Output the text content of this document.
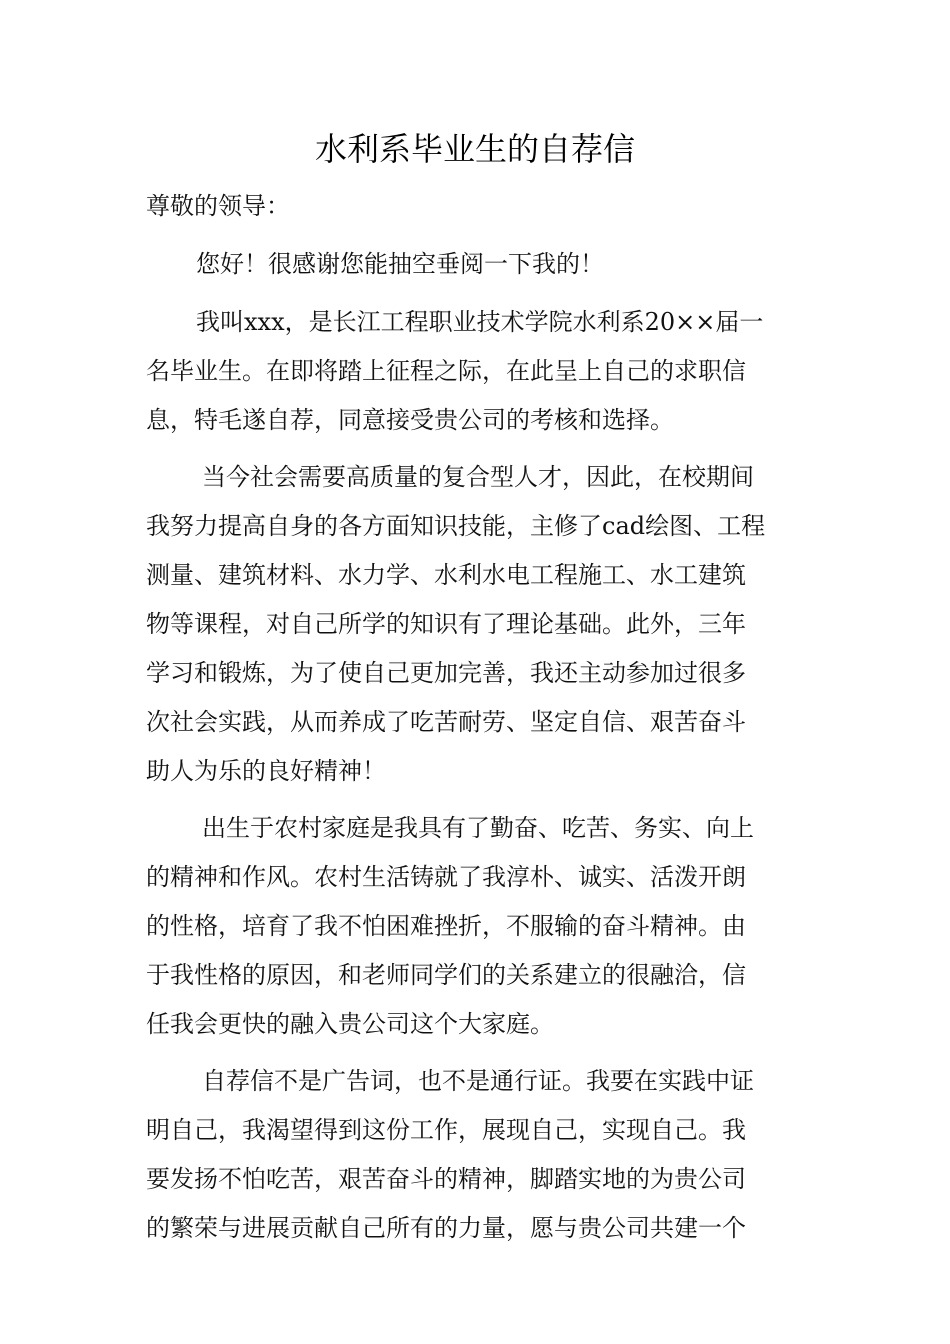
水利系毕业生的自荐信
尊敬的领导：
您好！很感谢您能抽空垂阅一下我的！
我叫xxx，是长江工程职业技术学院水利系20××届一
名毕业生。在即将踏上征程之际，在此呈上自己的求职信
息，特毛遂自荐，同意接受贵公司的考核和选择。
当今社会需要高质量的复合型人才，因此，在校期间
我努力提高自身的各方面知识技能，主修了cad绘图、工程
测量、建筑材料、水力学、水利水电工程施工、水工建筑
物等课程，对自己所学的知识有了理论基础。此外，三年
学习和锻炼，为了使自己更加完善，我还主动参加过很多
次社会实践，从而养成了吃苦耐劳、坚定自信、艰苦奋斗
助人为乐的良好精神！
出生于农村家庭是我具有了勤奋、吃苦、务实、向上
的精神和作风。农村生活铸就了我淳朴、诚实、活泼开朗
的性格，培育了我不怕困难挫折，不服输的奋斗精神。由
于我性格的原因，和老师同学们的关系建立的很融洽，信
任我会更快的融入贵公司这个大家庭。
自荐信不是广告词，也不是通行证。我要在实践中证
明自己，我渴望得到这份工作，展现自己，实现自己。我
要发扬不怕吃苦，艰苦奋斗的精神，脚踏实地的为贵公司
的繁荣与进展贡献自己所有的力量，愿与贵公司共建一个
